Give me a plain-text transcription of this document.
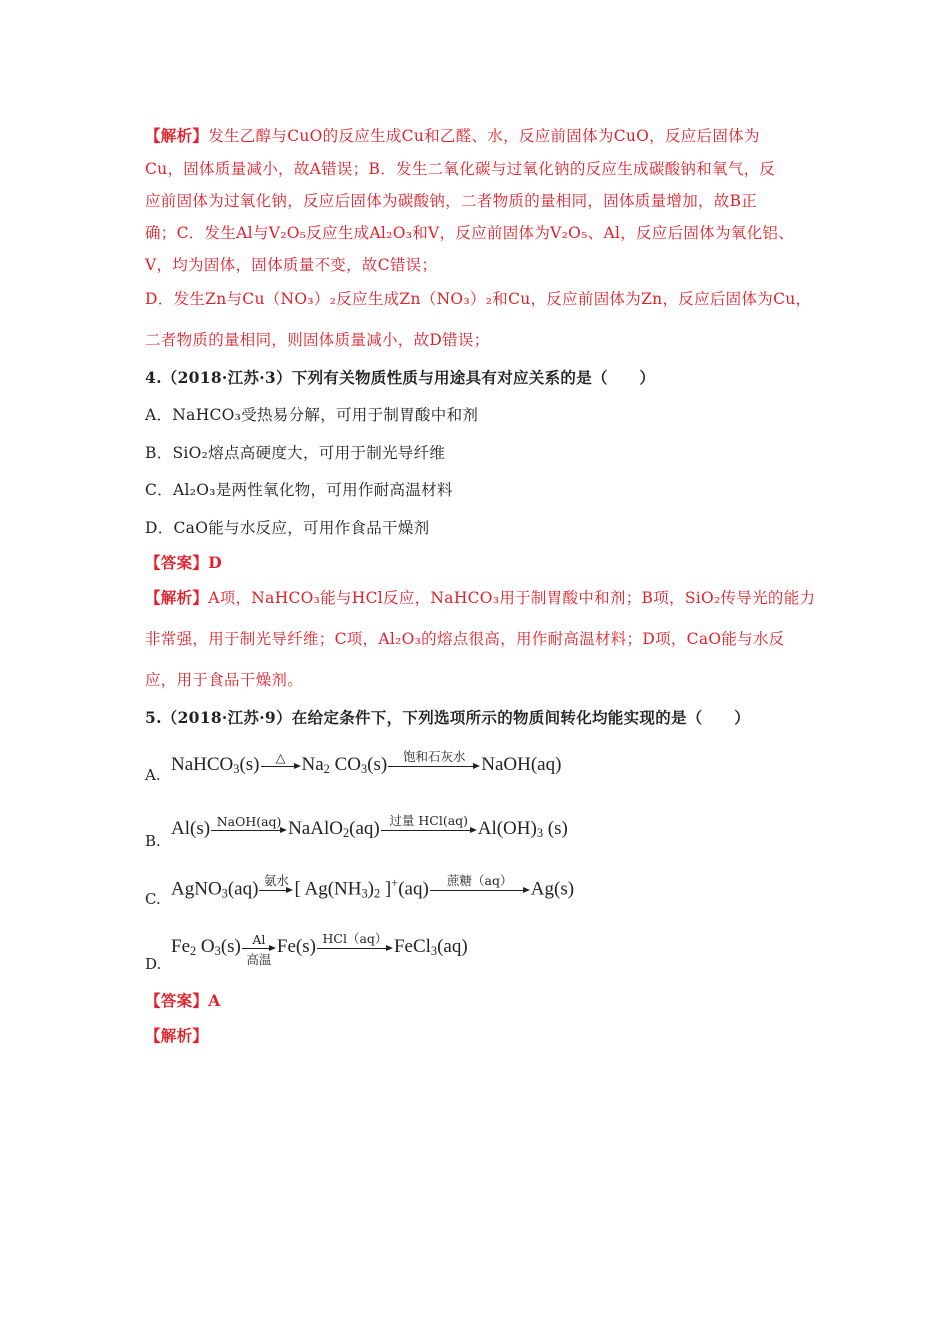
【解析】发生乙醇与CuO的反应生成Cu和乙醛、水，反应前固体为CuO，反应后固体为
Cu，固体质量减小，故A错误；B．发生二氧化碳与过氧化钠的反应生成碳酸钠和氧气，反
应前固体为过氧化钠，反应后固体为碳酸钠，二者物质的量相同，固体质量增加，故B正
确；C．发生Al与V₂O₅反应生成Al₂O₃和V，反应前固体为V₂O₅、Al，反应后固体为氧化铝、
V，均为固体，固体质量不变，故C错误；
D．发生Zn与Cu（NO₃）₂反应生成Zn（NO₃）₂和Cu，反应前固体为Zn，反应后固体为Cu，
二者物质的量相同，则固体质量减小，故D错误；
4.（2018·江苏·3）下列有关物质性质与用途具有对应关系的是（　　）
A．NaHCO₃受热易分解，可用于制胃酸中和剂
B．SiO₂熔点高硬度大，可用于制光导纤维
C．Al₂O₃是两性氧化物，可用作耐高温材料
D．CaO能与水反应，可用作食品干燥剂
【答案】D
【解析】A项，NaHCO₃能与HCl反应，NaHCO₃用于制胃酸中和剂；B项，SiO₂传导光的能力
非常强，用于制光导纤维；C项，Al₂O₃的熔点很高，用作耐高温材料；D项，CaO能与水反
应，用于食品干燥剂。
5.（2018·江苏·9）在给定条件下，下列选项所示的物质间转化均能实现的是（　　）
A. NaHCO$_3$(s)	△ $Na_2$ $CO_3(s)$	饱和石灰水 NaOH(aq)
B.
Al(s) NaOH(aq) NaAlO$_2$(aq) 过量 HCl(aq) $Al(OH)_3$ (s)
C. AgNO$_3$(aq) 氨水 [ $Ag(NH_3)_2$ ]+(aq)	蔗糖（aq） Ag(s)
D.
$Fe_2$ $O_3(s)$ Al
高温
Fe(s) HCl（aq） FeCl$_3$(aq)
【答案】A
【解析】
